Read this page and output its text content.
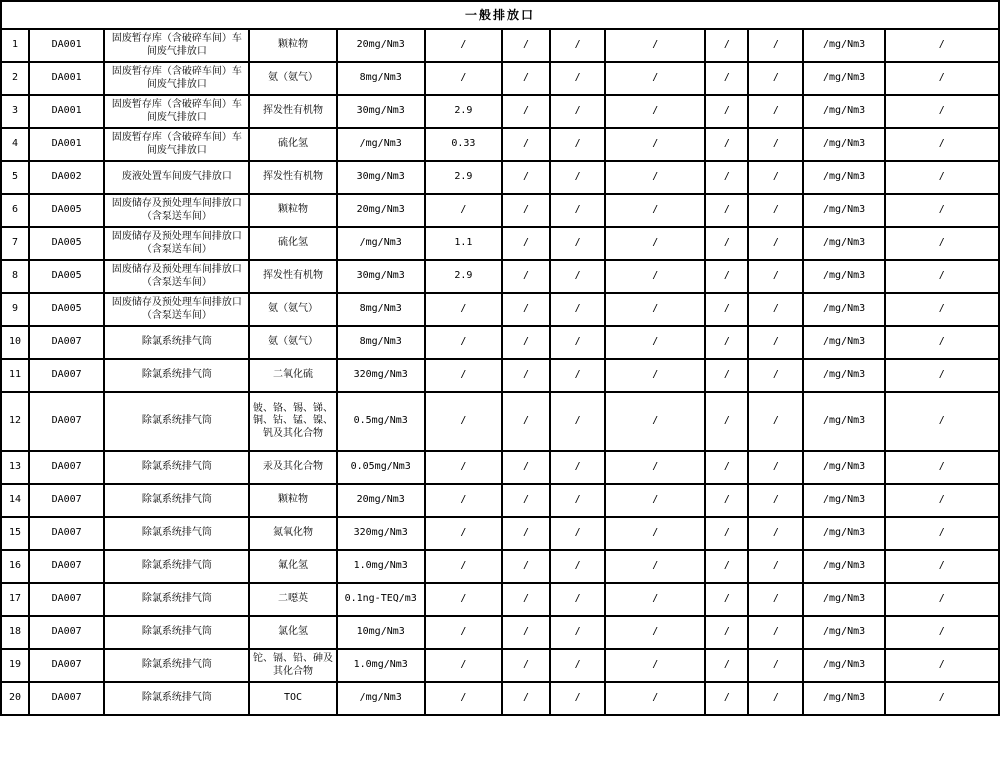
一般排放口												
1	DA001	固废暂存库（含破碎车间）车间废气排放口	颗粒物	20mg/Nm3	/	/	/	/	/	/	/mg/Nm3	/
2	DA001	固废暂存库（含破碎车间）车间废气排放口	氨（氨气）	8mg/Nm3	/	/	/	/	/	/	/mg/Nm3	/
3	DA001	固废暂存库（含破碎车间）车间废气排放口	挥发性有机物	30mg/Nm3	2.9	/	/	/	/	/	/mg/Nm3	/
4	DA001	固废暂存库（含破碎车间）车间废气排放口	硫化氢	/mg/Nm3	0.33	/	/	/	/	/	/mg/Nm3	/
5	DA002	废液处置车间废气排放口	挥发性有机物	30mg/Nm3	2.9	/	/	/	/	/	/mg/Nm3	/
6	DA005	固废储存及预处理车间排放口（含泵送车间）	颗粒物	20mg/Nm3	/	/	/	/	/	/	/mg/Nm3	/
7	DA005	固废储存及预处理车间排放口（含泵送车间）	硫化氢	/mg/Nm3	1.1	/	/	/	/	/	/mg/Nm3	/
8	DA005	固废储存及预处理车间排放口（含泵送车间）	挥发性有机物	30mg/Nm3	2.9	/	/	/	/	/	/mg/Nm3	/
9	DA005	固废储存及预处理车间排放口（含泵送车间）	氨（氨气）	8mg/Nm3	/	/	/	/	/	/	/mg/Nm3	/
10	DA007	除氯系统排气筒	氨（氨气）	8mg/Nm3	/	/	/	/	/	/	/mg/Nm3	/
11	DA007	除氯系统排气筒	二氧化硫	320mg/Nm3	/	/	/	/	/	/	/mg/Nm3	/
12	DA007	除氯系统排气筒	铍、铬、锡、锑、铜、钴、锰、镍、钒及其化合物	0.5mg/Nm3	/	/	/	/	/	/	/mg/Nm3	/
13	DA007	除氯系统排气筒	汞及其化合物	0.05mg/Nm3	/	/	/	/	/	/	/mg/Nm3	/
14	DA007	除氯系统排气筒	颗粒物	20mg/Nm3	/	/	/	/	/	/	/mg/Nm3	/
15	DA007	除氯系统排气筒	氮氧化物	320mg/Nm3	/	/	/	/	/	/	/mg/Nm3	/
16	DA007	除氯系统排气筒	氟化氢	1.0mg/Nm3	/	/	/	/	/	/	/mg/Nm3	/
17	DA007	除氯系统排气筒	二噁英	0.1ng-TEQ/m3	/	/	/	/	/	/	/mg/Nm3	/
18	DA007	除氯系统排气筒	氯化氢	10mg/Nm3	/	/	/	/	/	/	/mg/Nm3	/
19	DA007	除氯系统排气筒	铊、镉、铅、砷及其化合物	1.0mg/Nm3	/	/	/	/	/	/	/mg/Nm3	/
20	DA007	除氯系统排气筒	TOC	/mg/Nm3	/	/	/	/	/	/	/mg/Nm3	/
